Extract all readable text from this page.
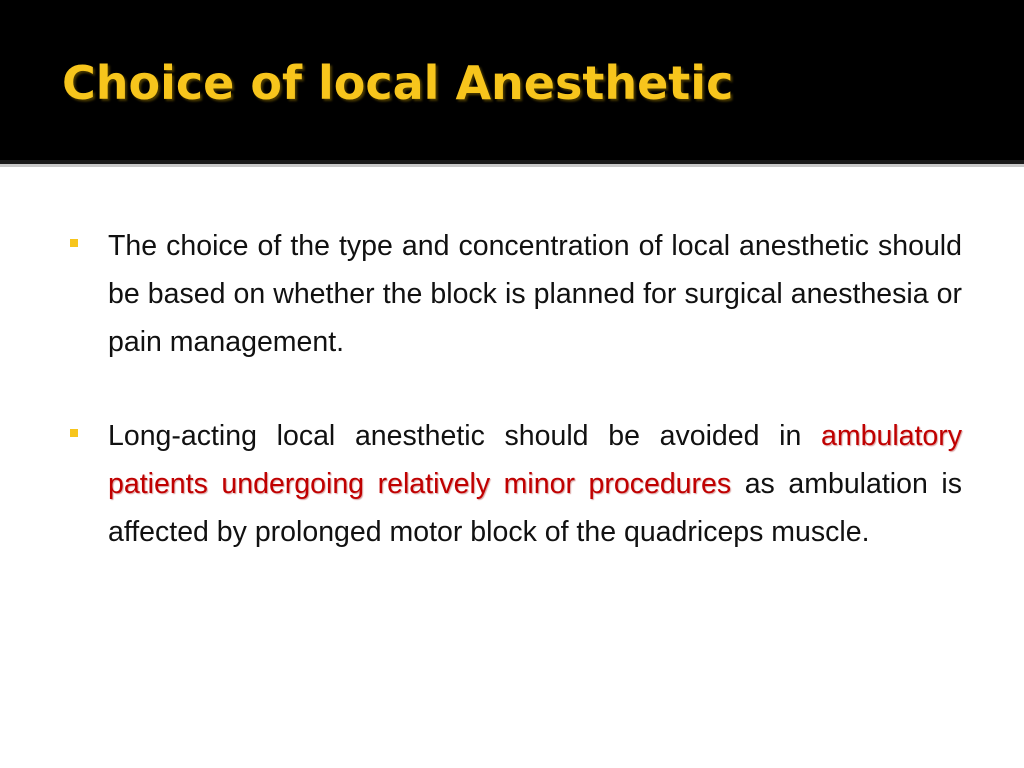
Choice of local Anesthetic
The choice of the type and concentration of local anesthetic should be based on whether the block is planned for surgical anesthesia or pain management.
Long-acting local anesthetic should be avoided in ambulatory patients undergoing relatively minor procedures as ambulation is affected by prolonged motor block of the quadriceps muscle.
